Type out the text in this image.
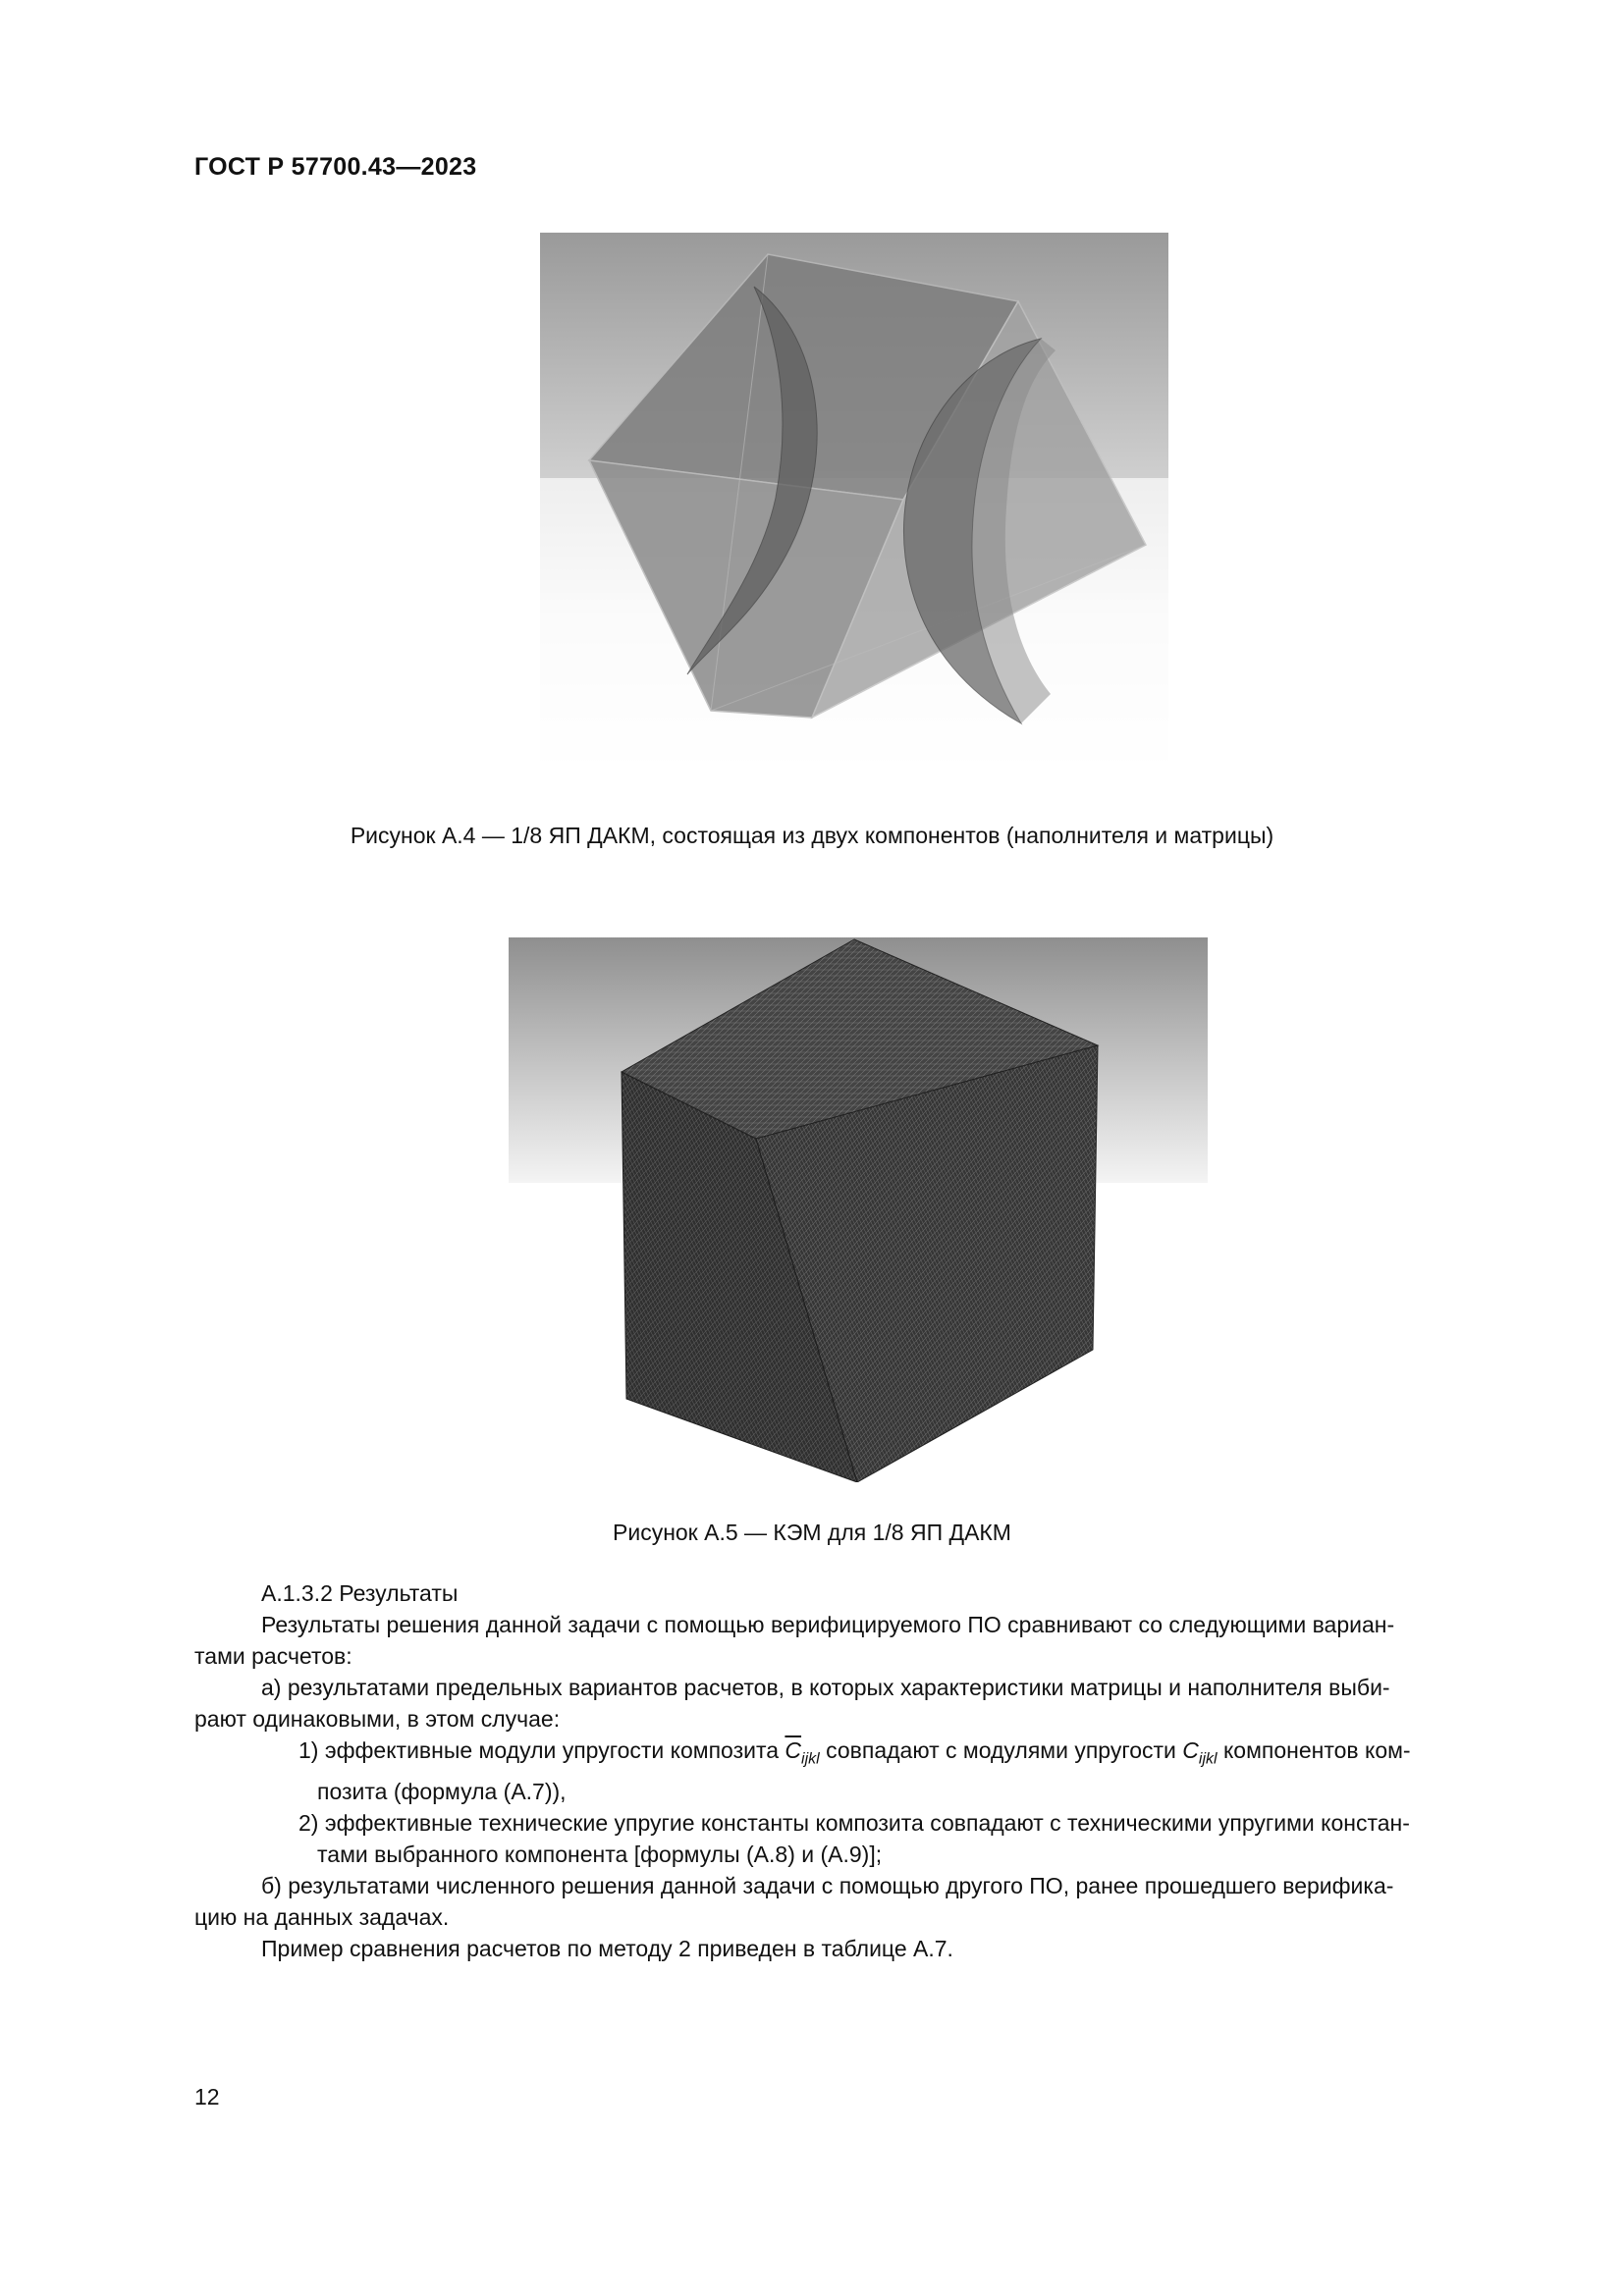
ГОСТ Р 57700.43—2023
Рисунок А.4 — 1/8 ЯП ДАКМ, состоящая из двух компонентов (наполнителя и матрицы)
Рисунок А.5 — КЭМ для 1/8 ЯП ДАКМ

А.1.3.2 Результаты

Результаты решения данной задачи с помощью верифицируемого ПО сравнивают со следующими вариан-

тами расчетов:

а) результатами предельных вариантов расчетов, в которых характеристики матрицы и наполнителя выби-

рают одинаковыми, в этом случае:

1) эффективные модули упругости композита $\overline{C}_{ijkl}$ совпадают с модулями упругости $C_{ijkl}$ компонентов ком-

позита (формула (А.7)),

2) эффективные технические упругие константы композита совпадают с техническими упругими констан-

тами выбранного компонента [формулы (А.8) и (А.9)];

б) результатами численного решения данной задачи с помощью другого ПО, ранее прошедшего верифика-

цию на данных задачах.

Пример сравнения расчетов по методу 2 приведен в таблице А.7.

12
